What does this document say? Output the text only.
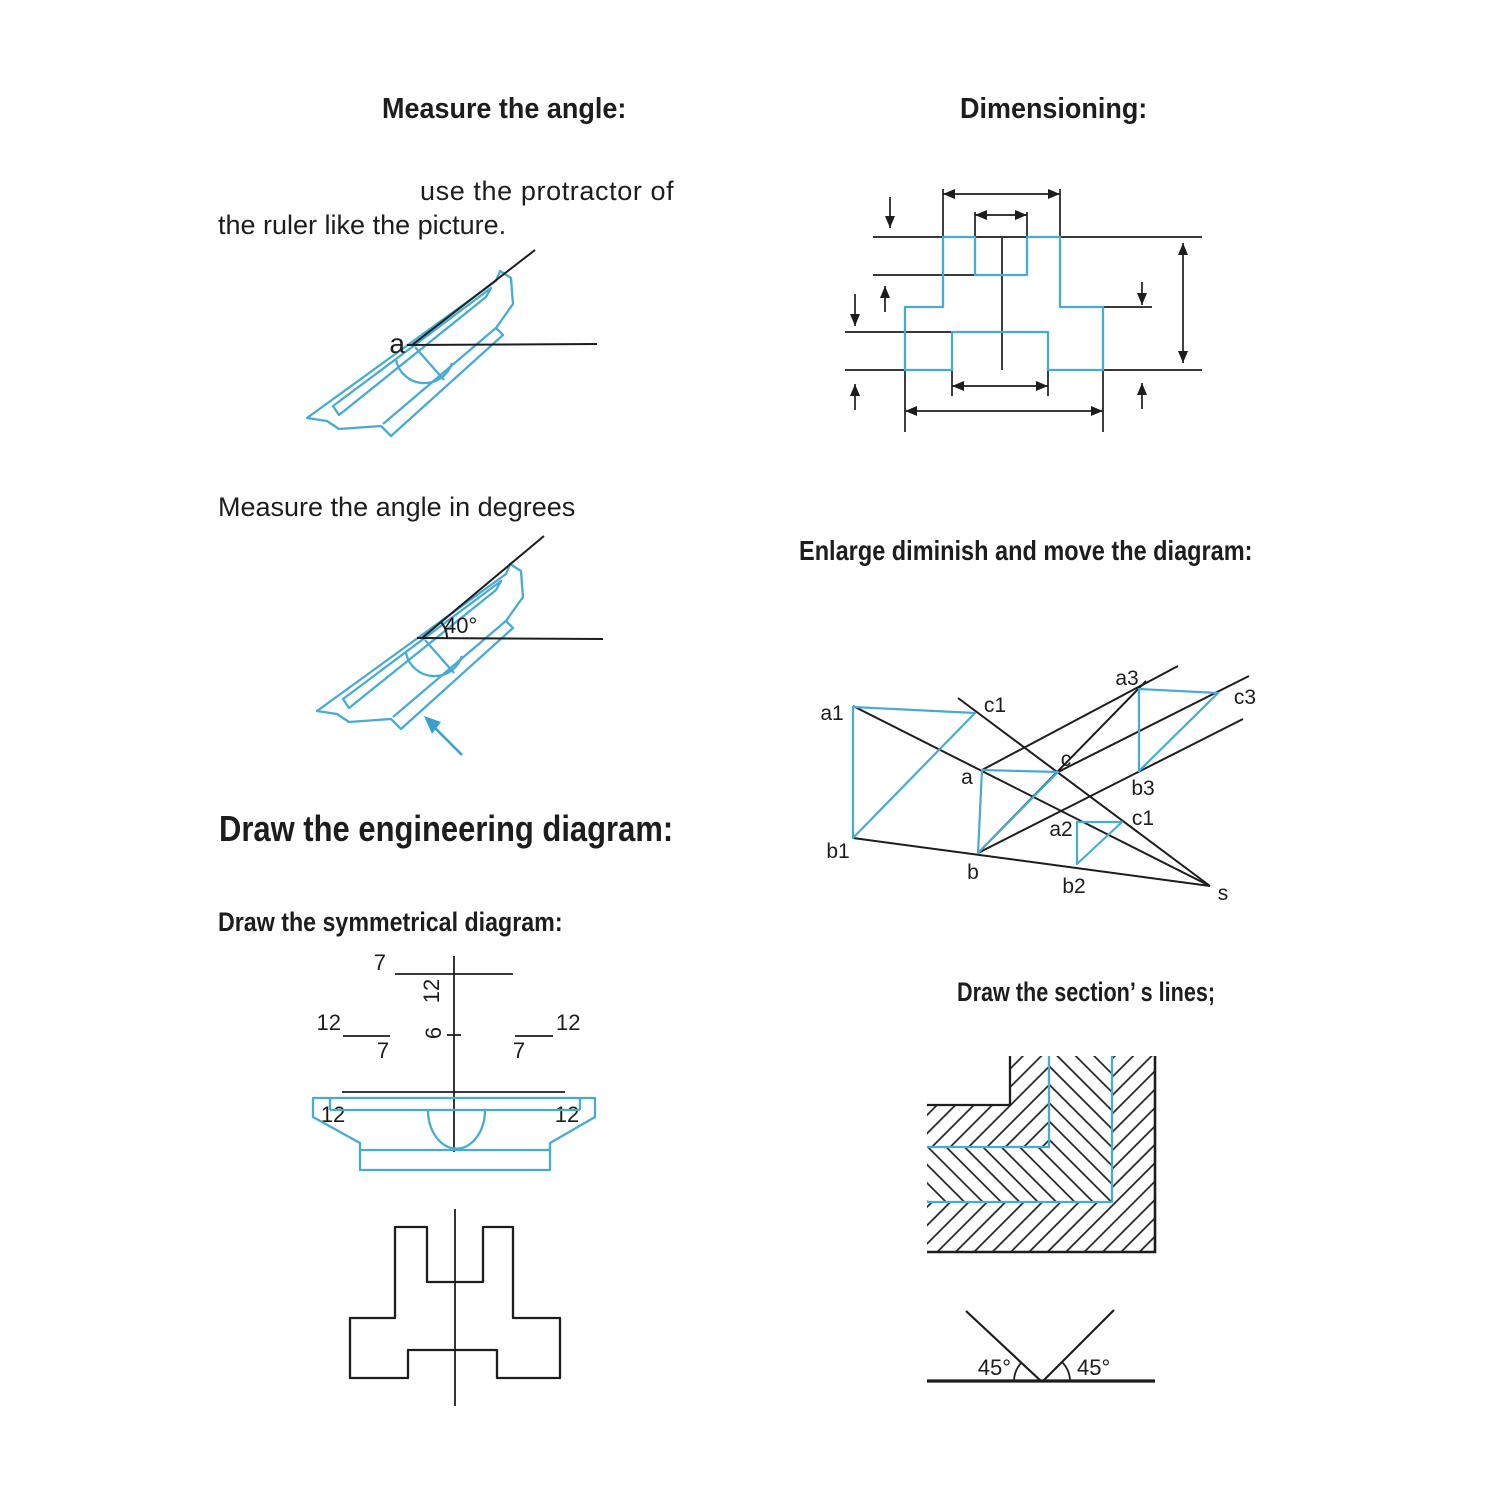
a
40°
a1
b1
c1
a
b
c
a2
b2
c1
a3
b3
c3
s
7
12
6
12
7
12
7
12	12
45°	45°
Measure the angle:	Dimensioning:
use the protractor of
the ruler like the picture.
Measure the angle in degrees
Enlarge diminish and move the diagram:
Draw the engineering diagram:
Draw the symmetrical diagram:
Draw the section’ s lines;
